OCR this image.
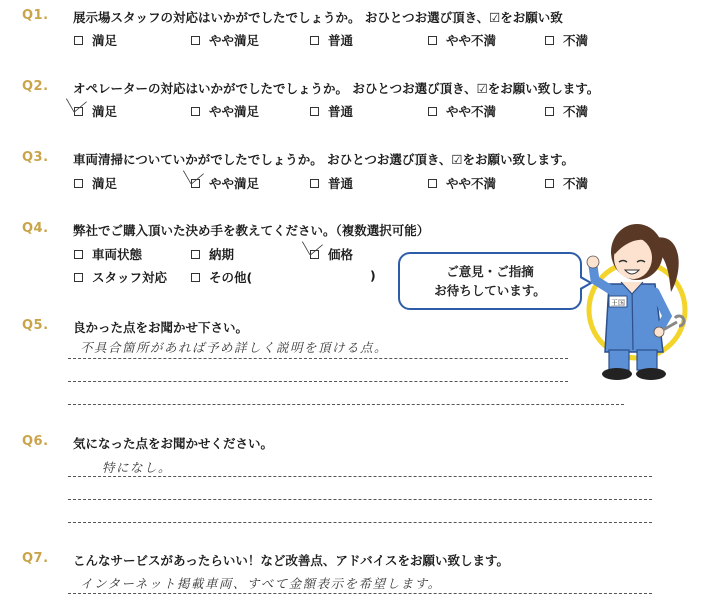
Q1. 展示場スタッフの対応はいかがでしたでしょうか。 おひとつお選び頂き、☑をお願い致
満足	やや満足	普通	やや不満	不満
Q2. オペレーターの対応はいかがでしたでしょうか。 おひとつお選び頂き、☑をお願い致します。
満足	やや満足	普通	やや不満	不満
Q3. 車両清掃についていかがでしたでしょうか。 おひとつお選び頂き、☑をお願い致します。
満足	やや満足	普通	やや不満	不満
Q4. 弊社でご購入頂いた決め手を教えてください。（複数選択可能）
車両状態	納期	価格
スタッフ対応	その他(	)	ご意見・ご指摘
お待ちしています。
王国
Q5. 良かった点をお聞かせ下さい。
不具合箇所があれば予め詳しく説明を頂ける点。
Q6. 気になった点をお聞かせください。
特になし。
Q7. こんなサービスがあったらいい！など改善点、アドバイスをお願い致します。
インターネット掲載車両、すべて金額表示を希望します。
